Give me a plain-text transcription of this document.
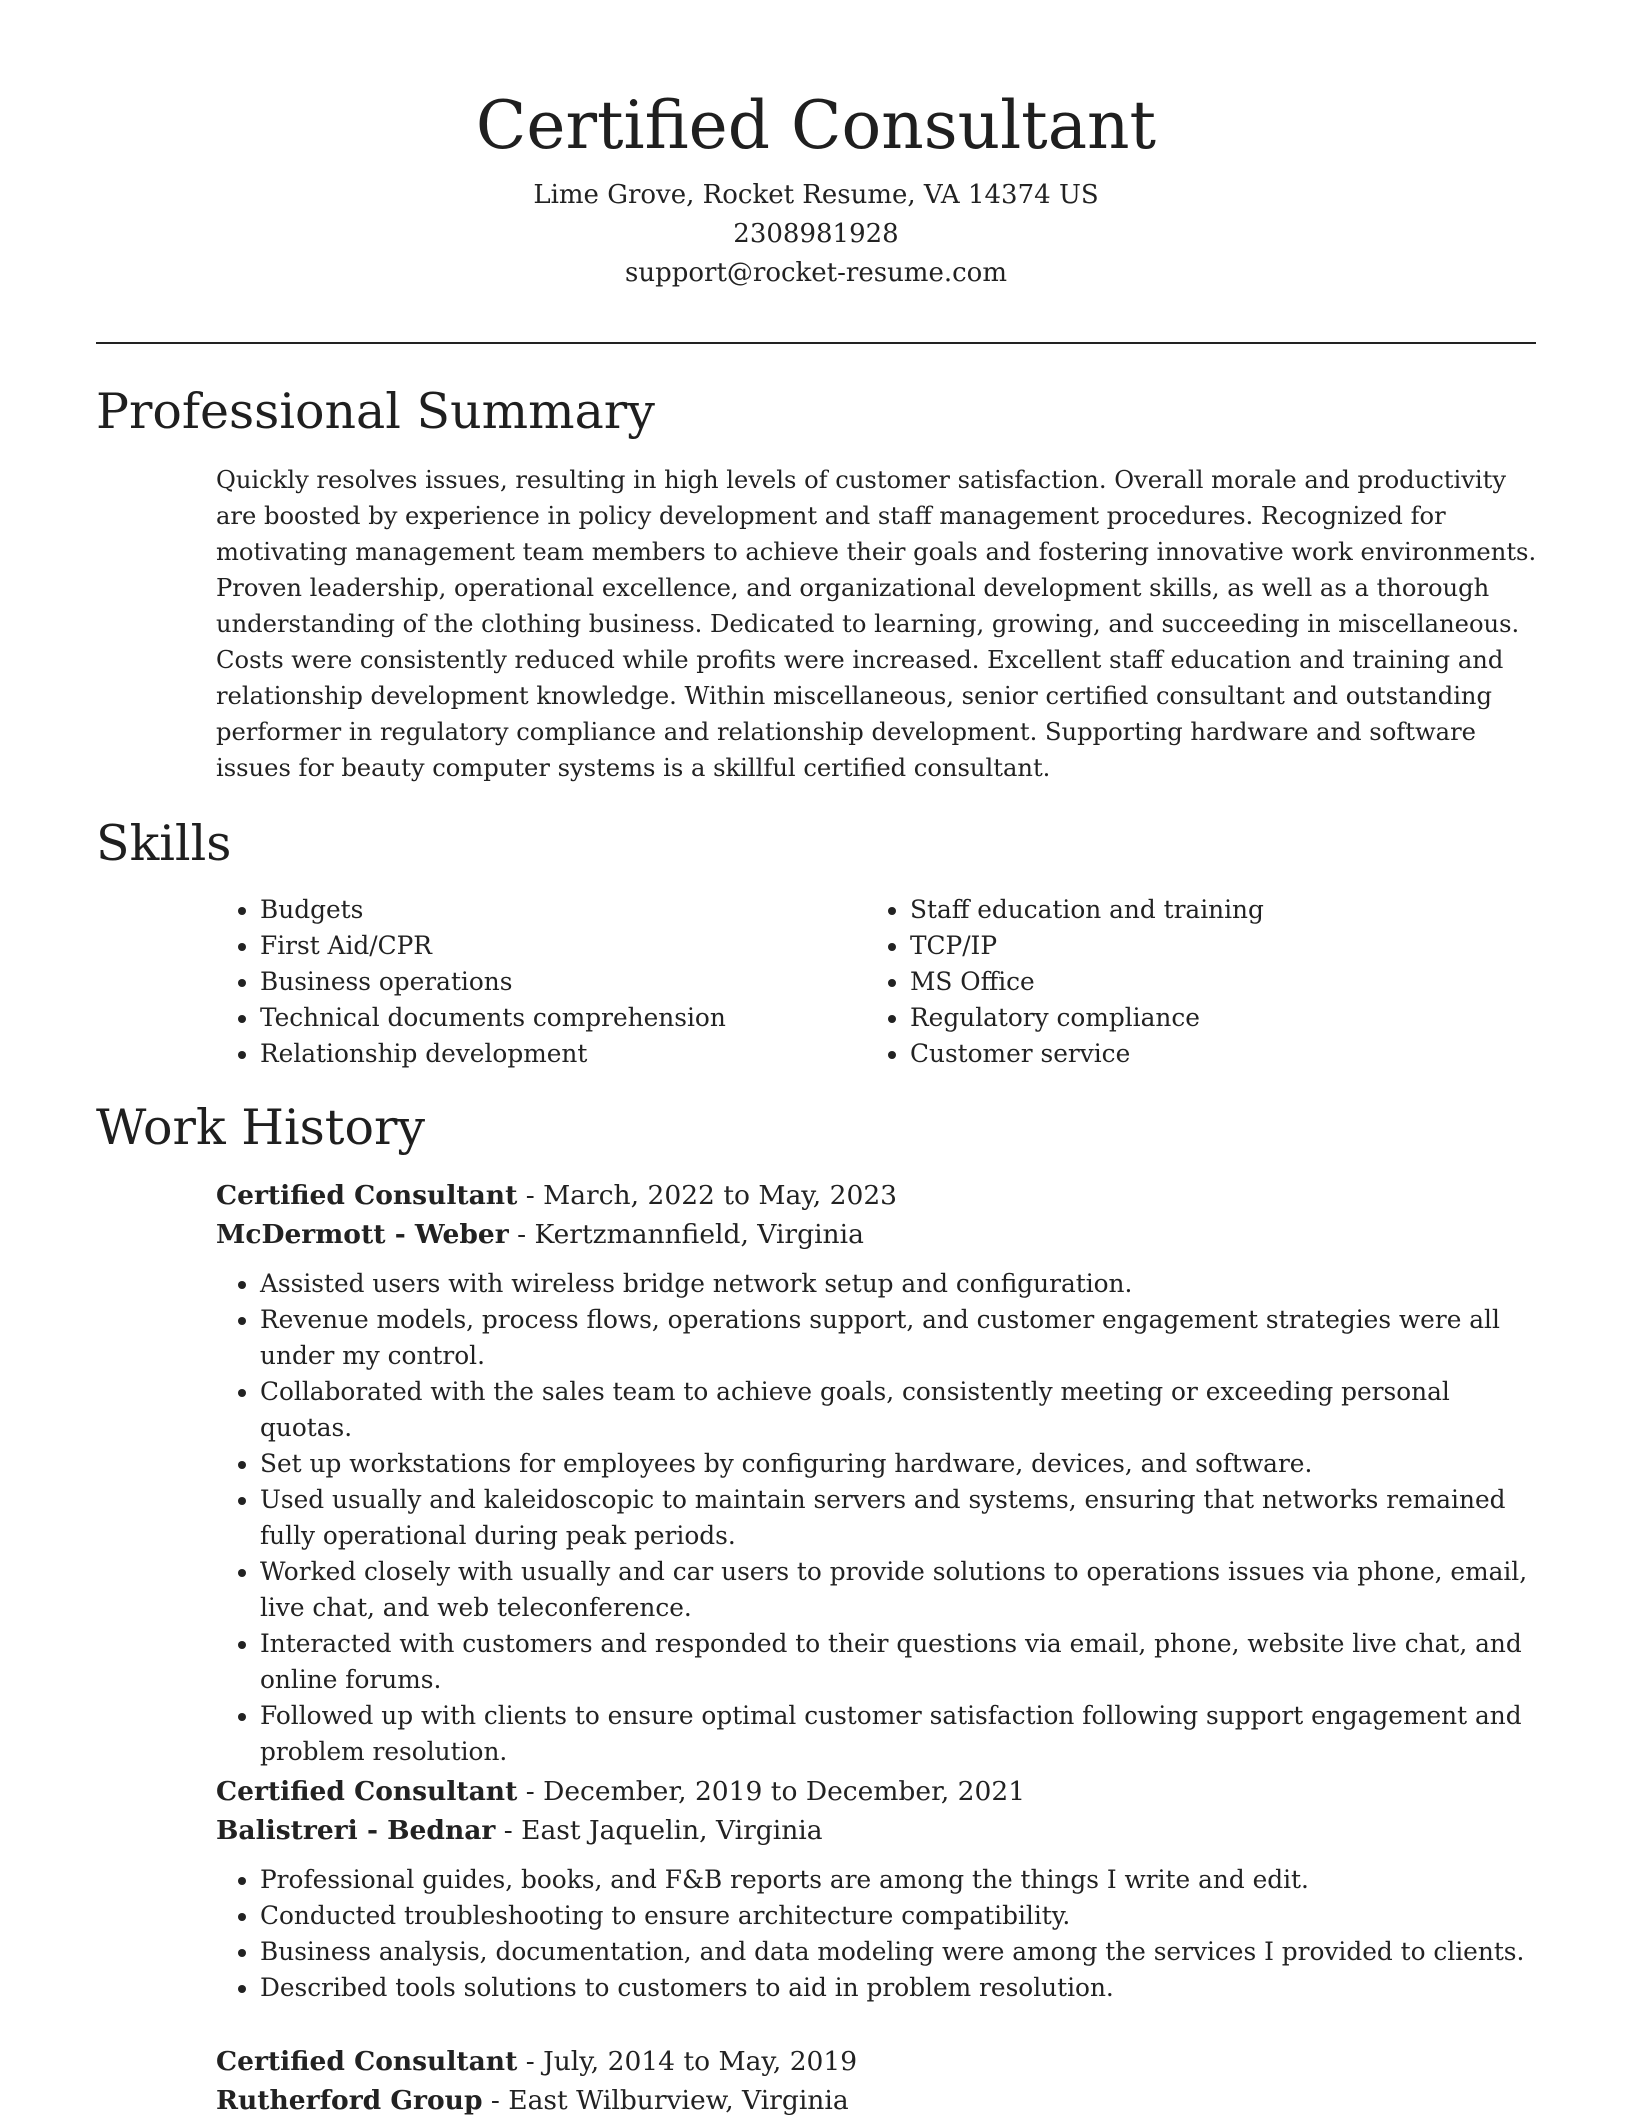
Certified Consultant
Lime Grove, Rocket Resume, VA 14374 US
2308981928
support@rocket-resume.com
Professional Summary

Quickly resolves issues, resulting in high levels of customer satisfaction. Overall morale and productivity are boosted by experience in policy development and staff management procedures. Recognized for motivating management team members to achieve their goals and fostering innovative work environments. Proven leadership, operational excellence, and organizational development skills, as well as a thorough understanding of the clothing business. Dedicated to learning, growing, and succeeding in miscellaneous. Costs were consistently reduced while profits were increased. Excellent staff education and training and relationship development knowledge. Within miscellaneous, senior certified consultant and outstanding performer in regulatory compliance and relationship development. Supporting hardware and software issues for beauty computer systems is a skillful certified consultant.

Skills
• Budgets
• First Aid/CPR
• Business operations
• Technical documents comprehension
• Relationship development
• Staff education and training
• TCP/IP
• MS Office
• Regulatory compliance
• Customer service
Work History
Certified Consultant - March, 2022 to May, 2023
McDermott - Weber - Kertzmannfield, Virginia
• Assisted users with wireless bridge network setup and configuration.
• Revenue models, process flows, operations support, and customer engagement strategies were all under my control.
• Collaborated with the sales team to achieve goals, consistently meeting or exceeding personal quotas.
• Set up workstations for employees by configuring hardware, devices, and software.
• Used usually and kaleidoscopic to maintain servers and systems, ensuring that networks remained fully operational during peak periods.
• Worked closely with usually and car users to provide solutions to operations issues via phone, email, live chat, and web teleconference.
• Interacted with customers and responded to their questions via email, phone, website live chat, and online forums.
• Followed up with clients to ensure optimal customer satisfaction following support engagement and problem resolution.
Certified Consultant - December, 2019 to December, 2021
Balistreri - Bednar - East Jaquelin, Virginia
• Professional guides, books, and F&B reports are among the things I write and edit.
• Conducted troubleshooting to ensure architecture compatibility.
• Business analysis, documentation, and data modeling were among the services I provided to clients.
• Described tools solutions to customers to aid in problem resolution.
Certified Consultant - July, 2014 to May, 2019
Rutherford Group - East Wilburview, Virginia
